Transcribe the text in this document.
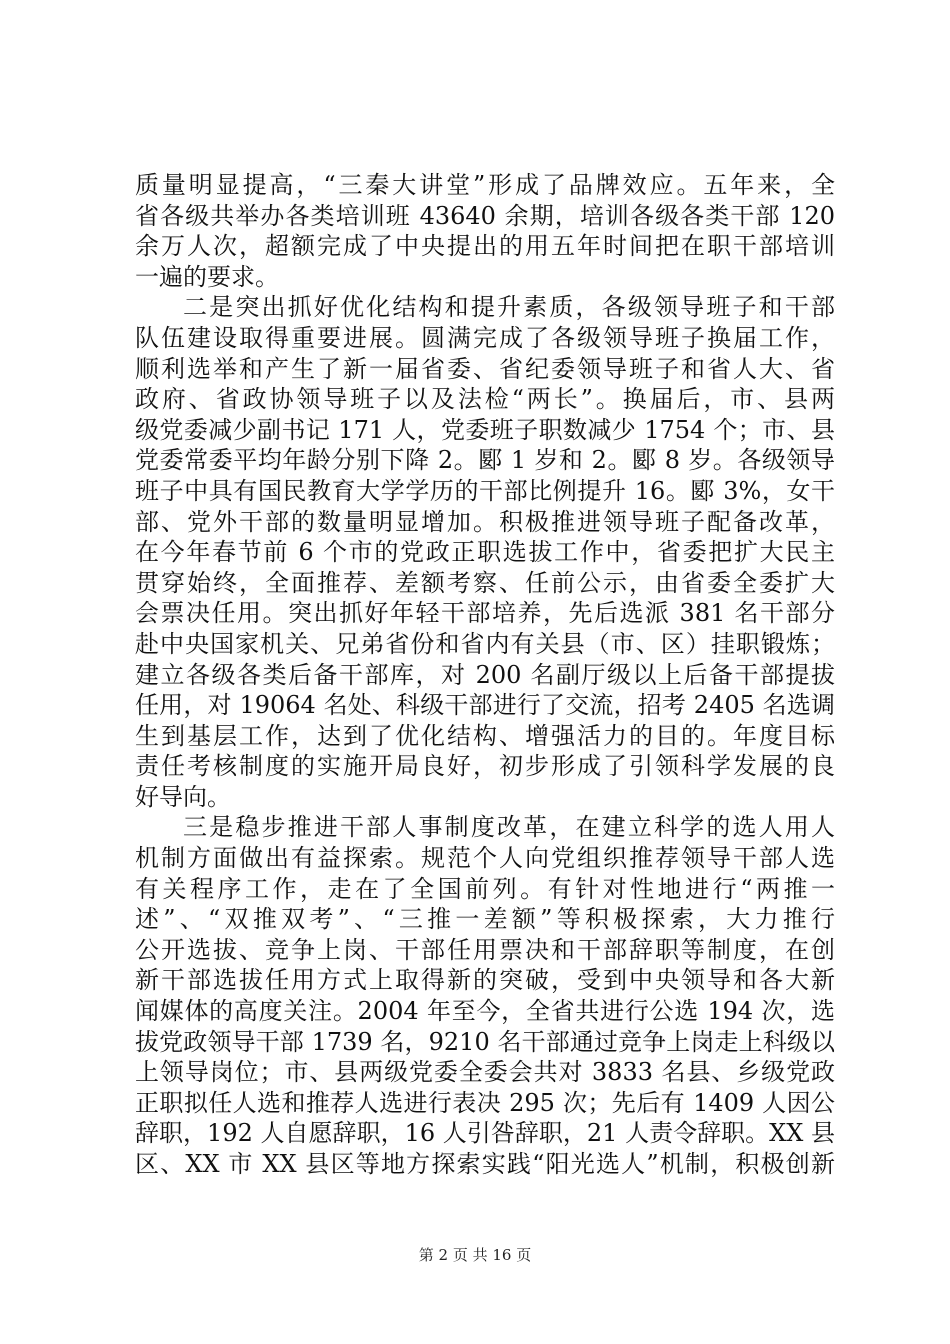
质量明显提高，“三秦大讲堂”形成了品牌效应。五年来，全
省各级共举办各类培训班 43640 余期，培训各级各类干部 120
余万人次，超额完成了中央提出的用五年时间把在职干部培训
一遍的要求。
二是突出抓好优化结构和提升素质，各级领导班子和干部
队伍建设取得重要进展。圆满完成了各级领导班子换届工作，
顺利选举和产生了新一届省委、省纪委领导班子和省人大、省
政府、省政协领导班子以及法检“两长”。换届后，市、县两
级党委减少副书记 171 人，党委班子职数减少 1754 个；市、县
党委常委平均年龄分别下降 2。郾 1 岁和 2。郾 8 岁。各级领导
班子中具有国民教育大学学历的干部比例提升 16。郾 3%，女干
部、党外干部的数量明显增加。积极推进领导班子配备改革，
在今年春节前 6 个市的党政正职选拔工作中，省委把扩大民主
贯穿始终，全面推荐、差额考察、任前公示，由省委全委扩大
会票决任用。突出抓好年轻干部培养，先后选派 381 名干部分
赴中央国家机关、兄弟省份和省内有关县（市、区）挂职锻炼；
建立各级各类后备干部库，对 200 名副厅级以上后备干部提拔
任用，对 19064 名处、科级干部进行了交流，招考 2405 名选调
生到基层工作，达到了优化结构、增强活力的目的。年度目标
责任考核制度的实施开局良好，初步形成了引领科学发展的良
好导向。
三是稳步推进干部人事制度改革，在建立科学的选人用人
机制方面做出有益探索。规范个人向党组织推荐领导干部人选
有关程序工作，走在了全国前列。有针对性地进行“两推一
述”、“双推双考”、“三推一差额”等积极探索，大力推行
公开选拔、竞争上岗、干部任用票决和干部辞职等制度，在创
新干部选拔任用方式上取得新的突破，受到中央领导和各大新
闻媒体的高度关注。2004 年至今，全省共进行公选 194 次，选
拔党政领导干部 1739 名，9210 名干部通过竞争上岗走上科级以
上领导岗位；市、县两级党委全委会共对 3833 名县、乡级党政
正职拟任人选和推荐人选进行表决 295 次；先后有 1409 人因公
辞职，192 人自愿辞职，16 人引咎辞职，21 人责令辞职。XX 县
区、XX 市 XX 县区等地方探索实践“阳光选人”机制，积极创新
第 2 页 共 16 页
